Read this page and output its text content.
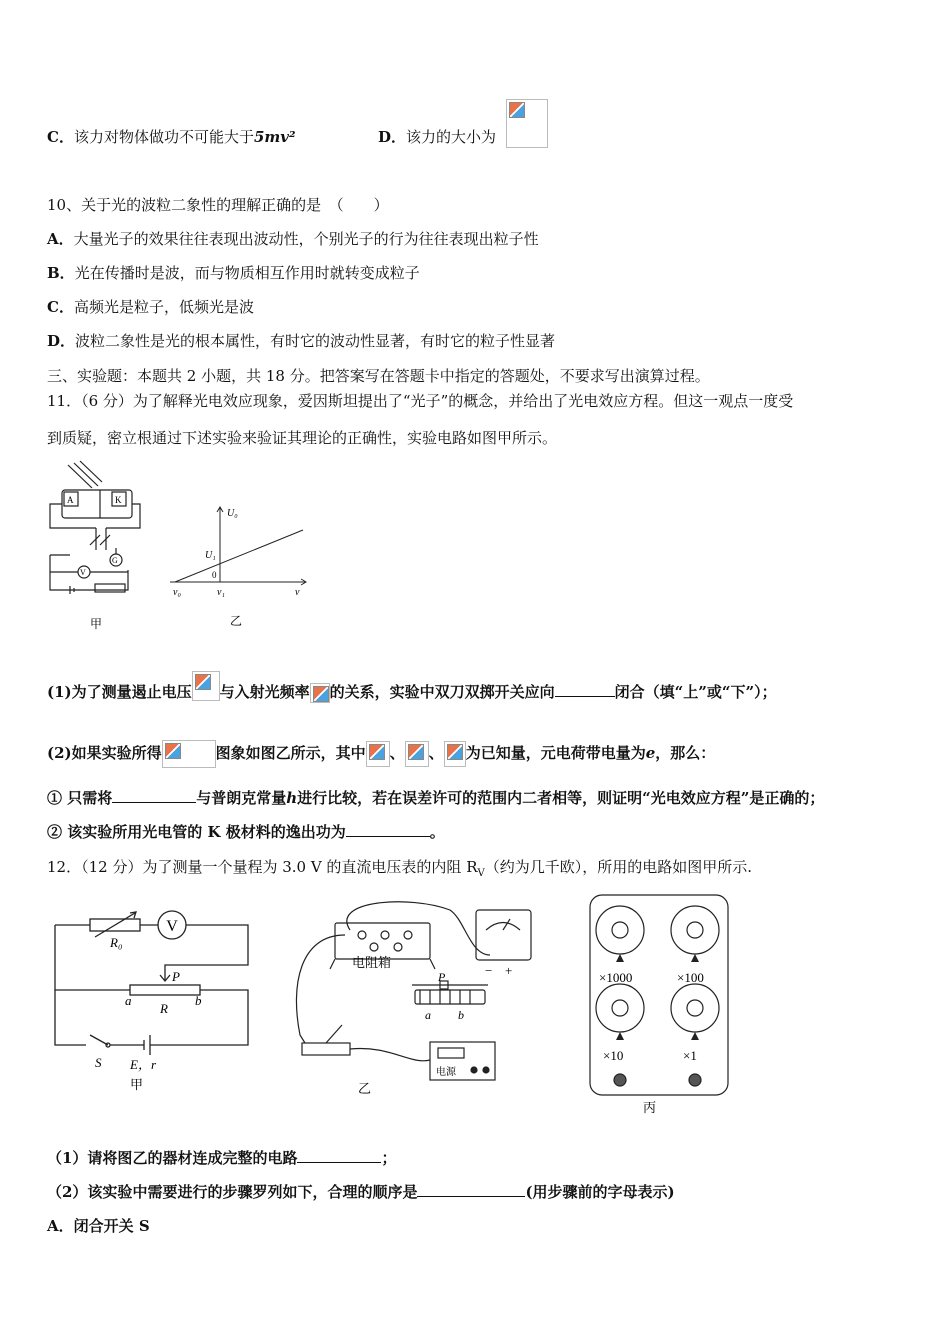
C．该力对物体做功不可能大于5mv²	D．该力的大小为
10、关于光的波粒二象性的理解正确的是　（　　）
A．大量光子的效果往往表现出波动性，个别光子的行为往往表现出粒子性
B．光在传播时是波，而与物质相互作用时就转变成粒子
C．高频光是粒子，低频光是波
D．波粒二象性是光的根本属性，有时它的波动性显著，有时它的粒子性显著
三、实验题：本题共 2 小题，共 18 分。把答案写在答题卡中指定的答题处，不要求写出演算过程。
11．（6 分）为了解释光电效应现象，爱因斯坦提出了“光子”的概念，并给出了光电效应方程。但这一观点一度受
到质疑，密立根通过下述实验来验证其理论的正确性，实验电路如图甲所示。
A	K
V
G
甲
U₀
U₁
0
ν₀	ν₁	ν
乙
(1)为了测量遏止电压 与入射光频率 的关系，实验中双刀双掷开关应向	闭合（填“上”或“下”）；
(2)如果实验所得	图象如图乙所示，其中 、 、 为已知量，元电荷带电量为e，那么：
① 只需将	与普朗克常量h进行比较，若在误差许可的范围内二者相等，则证明“光电效应方程”是正确的；
② 该实验所用光电管的 K 极材料的逸出功为	。
12．（12 分）为了测量一个量程为 3.0 V 的直流电压表的内阻 $R_V$（约为几千欧），所用的电路如图甲所示.
V
R₀
P
a
R
b
S E，r
甲
电阻箱
P
a b
电源
− +
乙
×1000	×100
×10	×1
丙
（1）请将图乙的器材连成完整的电路	；
（2）该实验中需要进行的步骤罗列如下，合理的顺序是	(用步骤前的字母表示)
A．闭合开关 S
